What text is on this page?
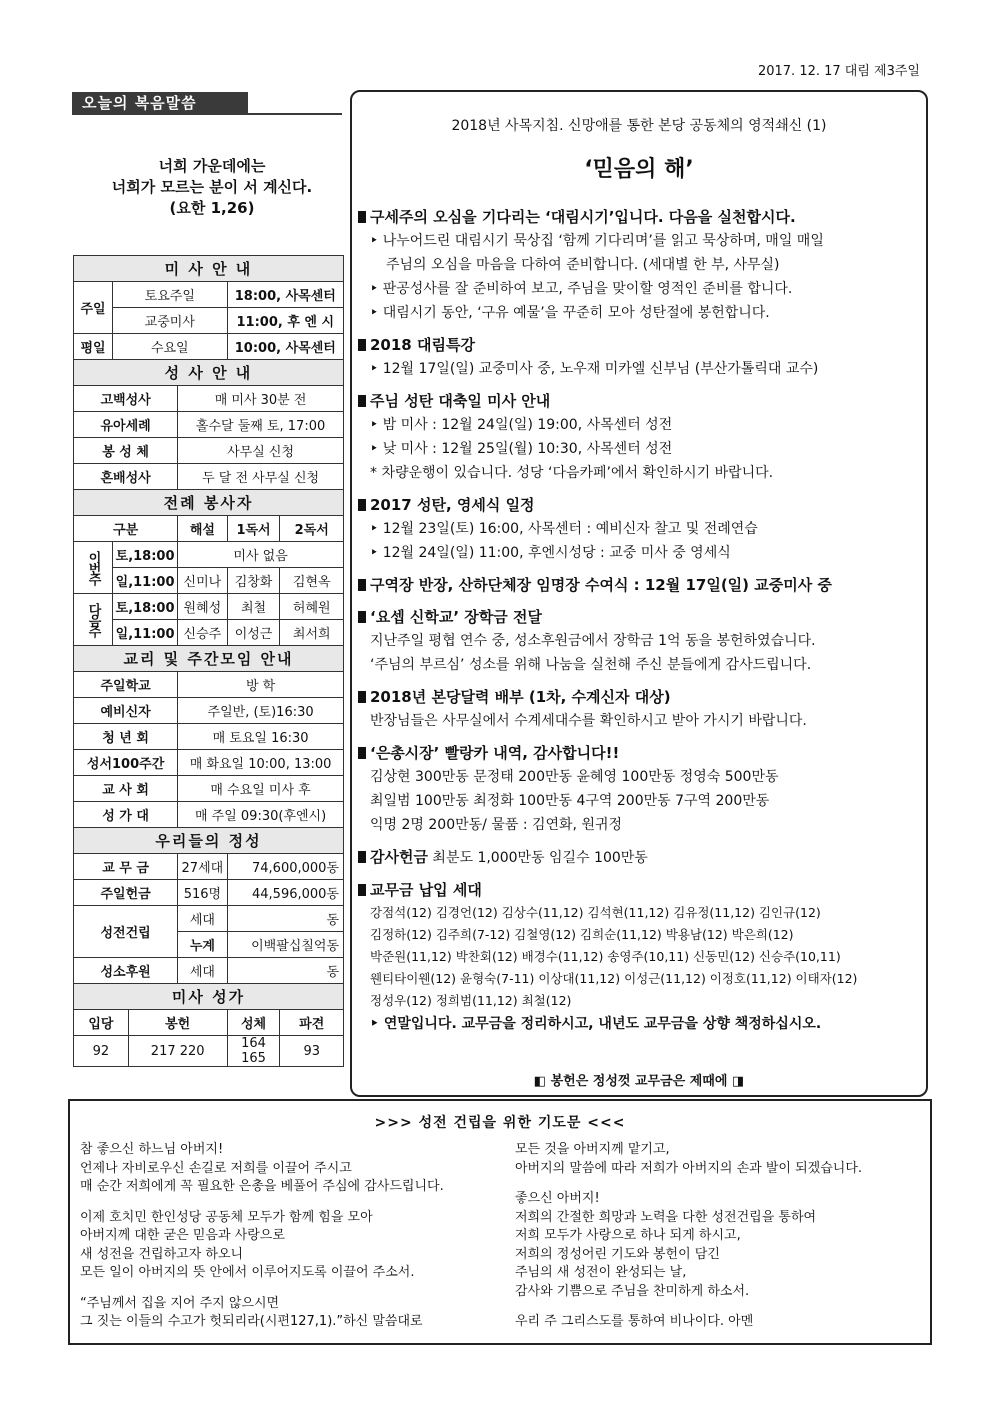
2017. 12. 17 대림 제3주일
오늘의 복음말씀
너희 가운데에는
너희가 모르는 분이 서 계신다.
(요한 1,26)
미 사 안 내					
주일	토요주일			18:00, 사목센터	
	교중미사			11:00, 후 엔 시	
평일	수요일			10:00, 사목센터	
성 사 안 내					
고백성사			매 미사 30분 전		
유아세례			홀수달 둘째 토, 17:00		
봉 성 체			사무실 신청		
혼배성사			두 달 전 사무실 신청		
전례 봉사자					
구분			해설	1독서	2독서
이번주	토,18:00		미사 없음		
	일,11:00		신미나	김창화	김현옥
다음주	토,18:00		원혜성	최철	허혜원
	일,11:00		신승주	이성근	최서희
교리 및 주간모임 안내					
주일학교			방 학		
예비신자			주일반, (토)16:30		
청 년 회			매 토요일 16:30		
성서100주간			매 화요일 10:00, 13:00		
교 사 회			매 수요일 미사 후		
성 가 대			매 주일 09:30(후엔시)		
우리들의 정성					
교 무 금			27세대	74,600,000동	
주일헌금			516명	44,596,000동	
성전건립			세대	동	
			누계	이백팔십칠억동	
성소후원			세대	동	
미사 성가					
입당		봉헌		성체	파견
92		217 220		164 165	93
2018년 사목지침. 신망애를 통한 본당 공동체의 영적쇄신 (1)
‘믿음의 해’
구세주의 오심을 기다리는 ‘대림시기’입니다. 다음을 실천합시다.
‣ 나누어드린 대림시기 묵상집 ‘함께 기다리며’를 읽고 묵상하며, 매일 매일
주님의 오심을 마음을 다하여 준비합니다. (세대별 한 부, 사무실)
‣ 판공성사를 잘 준비하여 보고, 주님을 맞이할 영적인 준비를 합니다.
‣ 대림시기 동안, ‘구유 예물’을 꾸준히 모아 성탄절에 봉헌합니다.
2018 대림특강
‣ 12월 17일(일) 교중미사 중, 노우재 미카엘 신부님 (부산가톨릭대 교수)
주님 성탄 대축일 미사 안내
‣ 밤 미사 : 12월 24일(일) 19:00, 사목센터 성전
‣ 낮 미사 : 12월 25일(월) 10:30, 사목센터 성전
* 차량운행이 있습니다. 성당 ‘다음카페’에서 확인하시기 바랍니다.
2017 성탄, 영세식 일정
‣ 12월 23일(토) 16:00, 사목센터 : 예비신자 찰고 및 전례연습
‣ 12월 24일(일) 11:00, 후엔시성당 : 교중 미사 중 영세식
구역장 반장, 산하단체장 임명장 수여식 : 12월 17일(일) 교중미사 중
‘요셉 신학교’ 장학금 전달
지난주일 평협 연수 중, 성소후원금에서 장학금 1억 동을 봉헌하였습니다.
‘주님의 부르심’ 성소를 위해 나눔을 실천해 주신 분들에게 감사드립니다.
2018년 본당달력 배부 (1차, 수계신자 대상)
반장님들은 사무실에서 수계세대수를 확인하시고 받아 가시기 바랍니다.
‘은총시장’ 빨랑카 내역, 감사합니다!!
김상현 300만동 문정태 200만동 윤혜영 100만동 정영숙 500만동
최일범 100만동 최정화 100만동 4구역 200만동 7구역 200만동
익명 2명 200만동/ 물품 : 김연화, 원귀정
감사헌금 최분도 1,000만동 임길수 100만동
교무금 납입 세대
강점석(12) 김경언(12) 김상수(11,12) 김석현(11,12) 김유정(11,12) 김인규(12)
김정하(12) 김주희(7-12) 김철영(12) 김희순(11,12) 박용남(12) 박은희(12)
박준원(11,12) 박찬회(12) 배경수(11,12) 송영주(10,11) 신동민(12) 신승주(10,11)
웬티타이웬(12) 윤형숙(7-11) 이상대(11,12) 이성근(11,12) 이정호(11,12) 이태자(12)
정성우(12) 정희범(11,12) 최철(12)
‣ 연말입니다. 교무금을 정리하시고, 내년도 교무금을 상향 책정하십시오.
◧ 봉헌은 정성껏 교무금은 제때에 ◨
>>> 성전 건립을 위한 기도문 <<<
참 좋으신 하느님 아버지!
언제나 자비로우신 손길로 저희를 이끌어 주시고
매 순간 저희에게 꼭 필요한 은총을 베풀어 주심에 감사드립니다.
이제 호치민 한인성당 공동체 모두가 함께 힘을 모아
아버지께 대한 굳은 믿음과 사랑으로
새 성전을 건립하고자 하오니
모든 일이 아버지의 뜻 안에서 이루어지도록 이끌어 주소서.
“주님께서 집을 지어 주지 않으시면
그 짓는 이들의 수고가 헛되리라(시편127,1).”하신 말씀대로
모든 것을 아버지께 맡기고,
아버지의 말씀에 따라 저희가 아버지의 손과 발이 되겠습니다.
좋으신 아버지!
저희의 간절한 희망과 노력을 다한 성전건립을 통하여
저희 모두가 사랑으로 하나 되게 하시고,
저희의 정성어린 기도와 봉헌이 담긴
주님의 새 성전이 완성되는 날,
감사와 기쁨으로 주님을 찬미하게 하소서.
우리 주 그리스도를 통하여 비나이다. 아멘
